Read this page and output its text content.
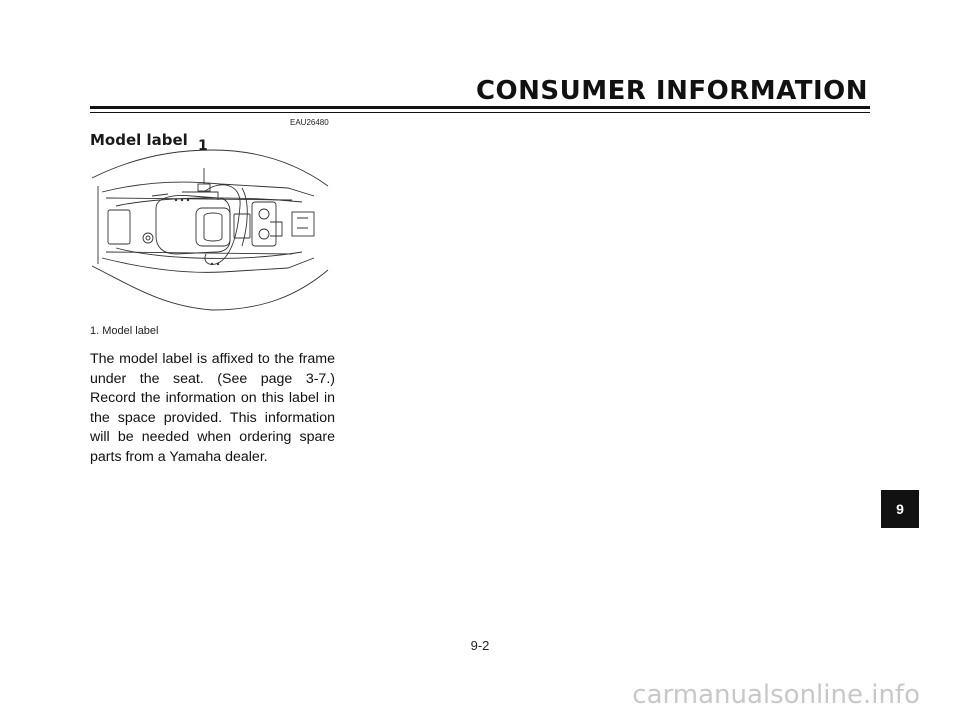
CONSUMER INFORMATION
EAU26480
Model label 1
1. Model label
The model label is affixed to the frame under the seat. (See page 3-7.) Record the information on this label in the space provided. This information will be needed when ordering spare parts from a Yamaha dealer.
9
9-2
carmanualsonline.info
